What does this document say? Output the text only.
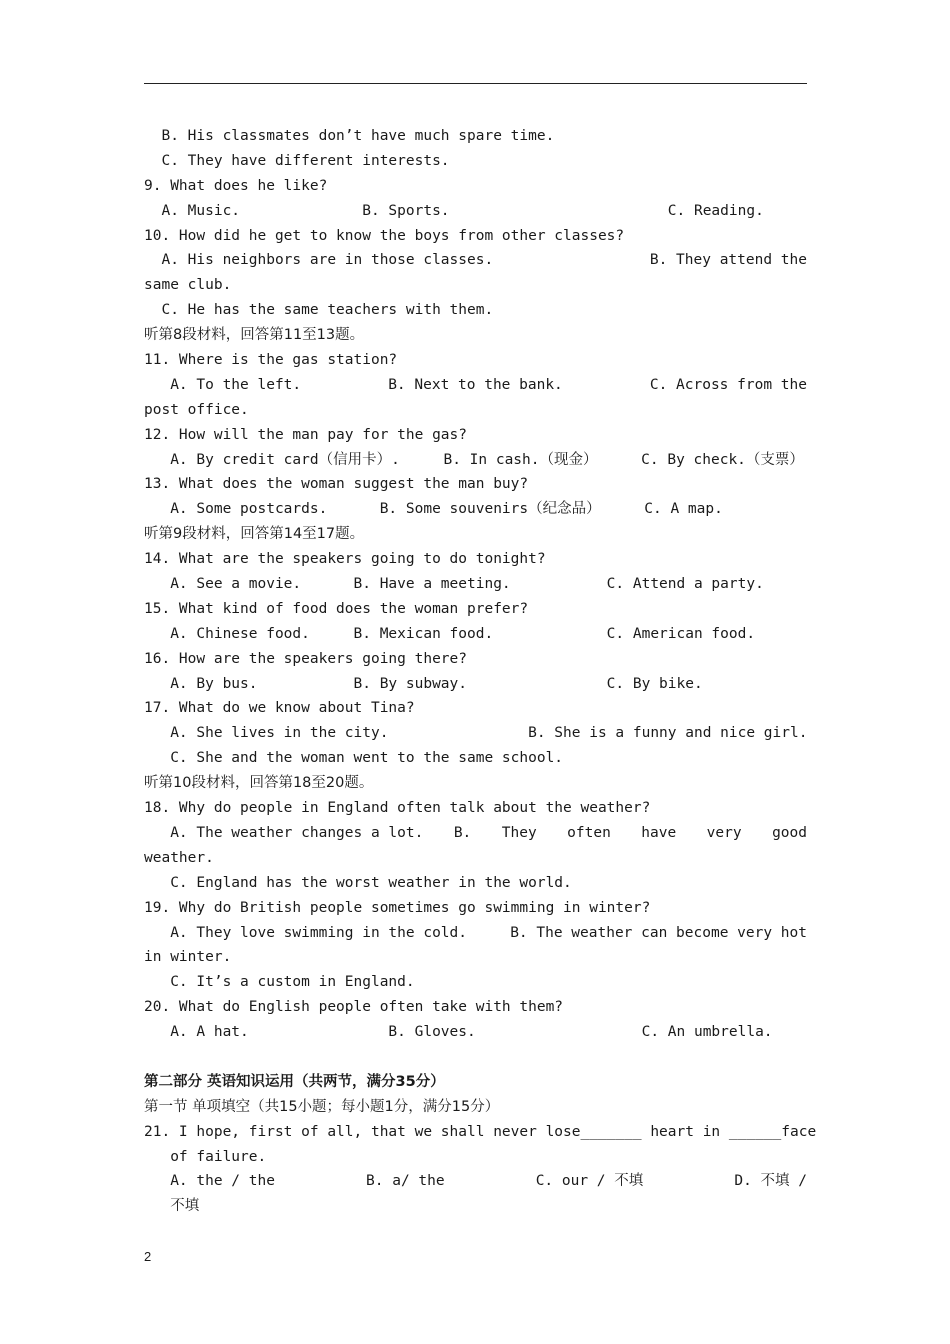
B. His classmates don’t have much spare time.
C. They have different interests.
9. What does he like?
A. Music.              B. Sports.                         C. Reading.
10. How did he get to know the boys from other classes?
A. His neighbors are in those classes.	B. They attend the
same club.
C. He has the same teachers with them.
听第8段材料，回答第11至13题。
11. Where is the gas station?
A. To the left.	B. Next to the bank.	C. Across from the
post office.
12. How will the man pay for the gas?
A. By credit card（信用卡）.     B. In cash.（现金）     C. By check.（支票）
13. What does the woman suggest the man buy?
A. Some postcards.      B. Some souvenirs（纪念品）     C. A map.
听第9段材料，回答第14至17题。
14. What are the speakers going to do tonight?
A. See a movie.      B. Have a meeting.           C. Attend a party.
15. What kind of food does the woman prefer?
A. Chinese food.     B. Mexican food.             C. American food.
16. How are the speakers going there?
A. By bus.           B. By subway.                C. By bike.
17. What do we know about Tina?
A. She lives in the city.                B. She is a funny and nice girl.
C. She and the woman went to the same school.
听第10段材料，回答第18至20题。
18. Why do people in England often talk about the weather?
A. The weather changes a lot. B. They often have very good
weather.
C. England has the worst weather in the world.
19. Why do British people sometimes go swimming in winter?
A. They love swimming in the cold.	B. The weather can become very hot
in winter.
C. It’s a custom in England.
20. What do English people often take with them?
A. A hat.                B. Gloves.                   C. An umbrella.
第二部分 英语知识运用（共两节，满分35分）
第一节 单项填空（共15小题；每小题1分，满分15分）
21. I hope, first of all, that we shall never lose_______ heart in ______face
of failure.
A. the / the	B. a/ the	C. our / 不填	D. 不填 /
不填
2
